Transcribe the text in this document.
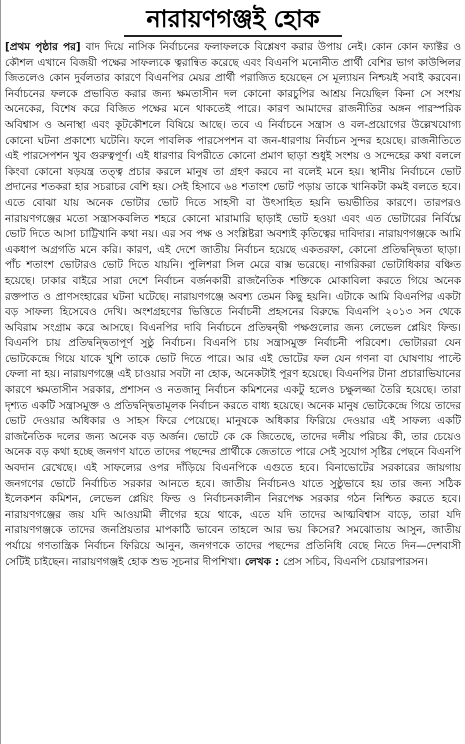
নারায়ণগঞ্জই হোক

[প্রথম পৃষ্ঠার পর] বাদ দিয়ে নাসিক নির্বাচনের ফলাফলকে বিশ্লেষণ করার উপায় নেই। কোন কোন ফ্যাক্টর ও কৌশল এখানে বিজয়ী পক্ষের সাফল্যকে ত্বরান্বিত করেছে এবং বিএনপি মনোনীত প্রার্থী বেশির ভাগ কাউন্সিলর জিতলেও কোন দুর্বলতার কারণে বিএনপির মেয়র প্রার্থী পরাজিত হয়েছেন সে মূল্যায়ন নিশ্চয়ই সবাই করবেন। নির্বাচনের ফলকে প্রভাবিত করার জন্য ক্ষমতাসীন দল কোনো কারচুপির আশ্রয় নিয়েছিল কিনা সে সংশয় অনেকের, বিশেষ করে বিজিত পক্ষের মনে থাকতেই পারে। কারণ আমাদের রাজনীতির অঙ্গন পারস্পরিক অবিশ্বাস ও অনাস্থা এবং কূটকৌশলে বিষিয়ে আছে। তবে এ নির্বাচনে সন্ত্রাস ও বল-প্রয়োগের উল্লেখযোগ্য কোনো ঘটনা প্রকাশ্যে ঘটেনি। ফলে পাবলিক পারসেপশন বা জন-ধারণায় নির্বাচন সুন্দর হয়েছে। রাজনীতিতে এই পারসেপশন খুব গুরুত্বপূর্ণ। এই ধারণার বিপরীতে কোনো প্রমাণ ছাড়া শুধুই সংশয় ও সন্দেহের কথা বললে কিংবা কোনো ষড়যন্ত্র তত্ত্ব প্রচার করলে মানুষ তা গ্রহণ করবে না বলেই মনে হয়। স্থানীয় নির্বাচনে ভোট প্রদানের শতকরা হার সচরাচর বেশি হয়। সেই হিসাবে ৬৪ শতাংশ ভোট পড়ায় তাকে খানিকটা কমই বলতে হবে। এতে বোঝা যায় অনেক ভোটার ভোট দিতে সাহসী বা উৎসাহিত হয়নি ভয়ভীতির কারণে। তারপরও নারায়ণগঞ্জের মতো সন্ত্রাসকবলিত শহরে কোনো মারামারি ছাড়াই ভোট হওয়া এবং এত ভোটারের নির্বিঘ্নে ভোট দিতে আসা চাট্টিখানি কথা নয়। এর সব পক্ষ ও সংশ্লিষ্টরা অবশ্যই কৃতিত্বের দাবিদার। নারায়ণগঞ্জকে আমি একধাপ অগ্রগতি মনে করি। কারণ, এই দেশে জাতীয় নির্বাচন হয়েছে একতরফা, কোনো প্রতিদ্বন্দ্বিতা ছাড়া। পাঁচ শতাংশ ভোটারও ভোট দিতে যায়নি। পুলিশরা সিল মেরে বাক্স ভরেছে। নাগরিকরা ভোটাধিকার বঞ্চিত হয়েছে। ঢাকার বাইরে সারা দেশে নির্বাচন বর্জনকারী রাজনৈতিক শক্তিকে মোকাবিলা করতে গিয়ে অনেক রক্তপাত ও প্রাণসংহারের ঘটনা ঘটেছে। নারায়ণগঞ্জে অবশ্য তেমন কিছু হয়নি। এটাকে আমি বিএনপির একটা বড় সাফল্য হিসেবেও দেখি। অংশগ্রহণের ভিত্তিতে নির্বাচনী প্রহসনের বিরুদ্ধে বিএনপি ২০১৩ সন থেকে অবিরাম সংগ্রাম করে আসছে। বিএনপির দাবি নির্বাচনে প্রতিদ্বন্দ্বী পক্ষগুলোর জন্য লেভেল প্লেয়িং ফিল্ড। বিএনপি চায় প্রতিদ্বন্দ্বিতাপূর্ণ সুষ্ঠু নির্বাচন। বিএনপি চায় সন্ত্রাসমুক্ত নির্বাচনী পরিবেশ। ভোটাররা যেন ভোটকেন্দ্রে গিয়ে যাকে খুশি তাকে ভোট দিতে পারে। আর এই ভোটের ফল যেন গণনা বা ঘোষণায় পাল্টে ফেলা না হয়। নারায়ণগঞ্জে এই চাওয়ার সবটা না হোক, অনেকটাই পূরণ হয়েছে। বিএনপির টানা প্রচারাভিযানের কারণে ক্ষমতাসীন সরকার, প্রশাসন ও নতজানু নির্বাচন কমিশনের একটু হলেও চক্ষুলজ্জা তৈরি হয়েছে। তারা দৃশ্যত একটি সন্ত্রাসমুক্ত ও প্রতিদ্বন্দ্বিতামূলক নির্বাচন করতে বাধ্য হয়েছে। অনেক মানুষ ভোটকেন্দ্রে গিয়ে তাদের ভোট দেওয়ার অধিকার ও সাহস ফিরে পেয়েছে। মানুষকে অধিকার ফিরিয়ে দেওয়ার এই সাফল্য একটি রাজনৈতিক দলের জন্য অনেক বড় অর্জন। ভোটে কে কে জিতেছে, তাদের দলীয় পরিচয় কী, তার চেয়েও অনেক বড় কথা হচ্ছে জনগণ যাতে তাদের পছন্দের প্রার্থীকে জেতাতে পারে সেই সুযোগ সৃষ্টির পেছনে বিএনপি অবদান রেখেছে। এই সাফল্যের ওপর দাঁড়িয়ে বিএনপিকে এগুতে হবে। বিনাভোটের সরকারের জায়গায় জনগণের ভোটে নির্বাচিত সরকার আনতে হবে। জাতীয় নির্বাচনও যাতে সুষ্ঠুভাবে হয় তার জন্য সঠিক ইলেকশন কমিশন, লেভেল প্লেয়িং ফিল্ড ও নির্বাচনকালীন নিরপেক্ষ সরকার গঠন নিশ্চিত করতে হবে। নারায়ণগঞ্জের জয় যদি আওয়ামী লীগের হয়ে থাকে, এতে যদি তাদের আত্মবিশ্বাস বাড়ে, তারা যদি নারায়ণগঞ্জকে তাদের জনপ্রিয়তার মাপকাঠি ভাবেন তাহলে আর ভয় কিসের? সমঝোতায় আসুন, জাতীয় পর্যায়ে গণতান্ত্রিক নির্বাচন ফিরিয়ে আনুন, জনগণকে তাদের পছন্দের প্রতিনিধি বেছে নিতে দিন—দেশবাসী সেটিই চাইছেন। নারায়ণগঞ্জই হোক শুভ সূচনার দীপশিখা। লেখক : প্রেস সচিব, বিএনপি চেয়ারপারসন।
